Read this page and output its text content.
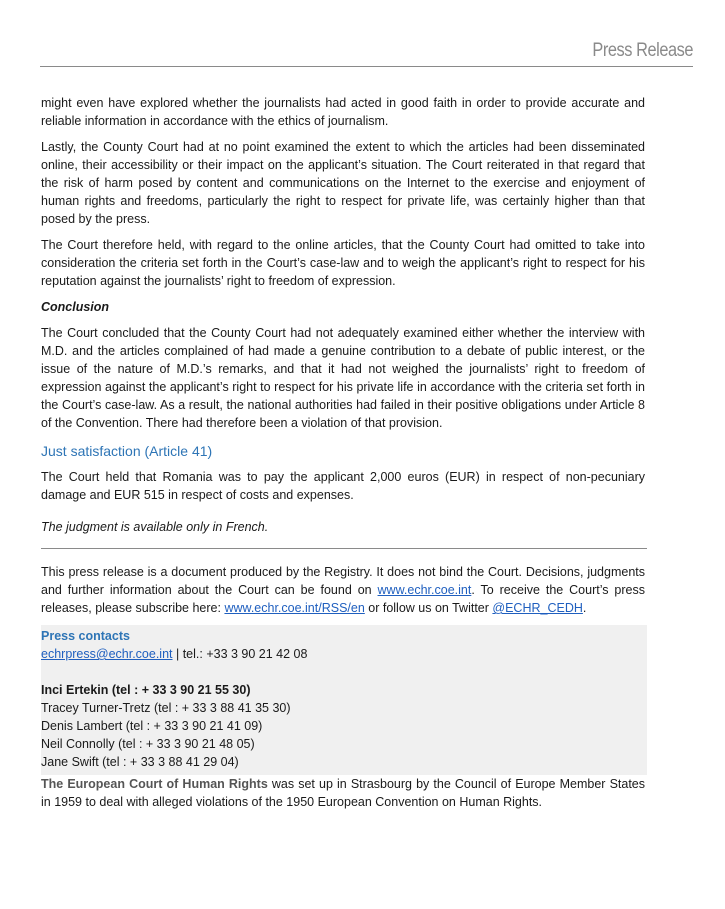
Press Release

might even have explored whether the journalists had acted in good faith in order to provide accurate and reliable information in accordance with the ethics of journalism.

Lastly, the County Court had at no point examined the extent to which the articles had been disseminated online, their accessibility or their impact on the applicant’s situation. The Court reiterated in that regard that the risk of harm posed by content and communications on the Internet to the exercise and enjoyment of human rights and freedoms, particularly the right to respect for private life, was certainly higher than that posed by the press.

The Court therefore held, with regard to the online articles, that the County Court had omitted to take into consideration the criteria set forth in the Court’s case-law and to weigh the applicant’s right to respect for his reputation against the journalists’ right to freedom of expression.

Conclusion

The Court concluded that the County Court had not adequately examined either whether the interview with M.D. and the articles complained of had made a genuine contribution to a debate of public interest, or the issue of the nature of M.D.’s remarks, and that it had not weighed the journalists’ right to freedom of expression against the applicant’s right to respect for his private life in accordance with the criteria set forth in the Court’s case-law. As a result, the national authorities had failed in their positive obligations under Article 8 of the Convention. There had therefore been a violation of that provision.

Just satisfaction (Article 41)

The Court held that Romania was to pay the applicant 2,000 euros (EUR) in respect of non-pecuniary damage and EUR 515 in respect of costs and expenses.

The judgment is available only in French.

This press release is a document produced by the Registry. It does not bind the Court. Decisions, judgments and further information about the Court can be found on www.echr.coe.int. To receive the Court’s press releases, please subscribe here: www.echr.coe.int/RSS/en or follow us on Twitter @ECHR_CEDH.

Press contacts
echrpress@echr.coe.int | tel.: +33 3 90 21 42 08
Inci Ertekin (tel : + 33 3 90 21 55 30)
Tracey Turner-Tretz (tel : + 33 3 88 41 35 30)
Denis Lambert (tel : + 33 3 90 21 41 09)
Neil Connolly (tel : + 33 3 90 21 48 05)
Jane Swift (tel : + 33 3 88 41 29 04)

The European Court of Human Rights was set up in Strasbourg by the Council of Europe Member States in 1959 to deal with alleged violations of the 1950 European Convention on Human Rights.
